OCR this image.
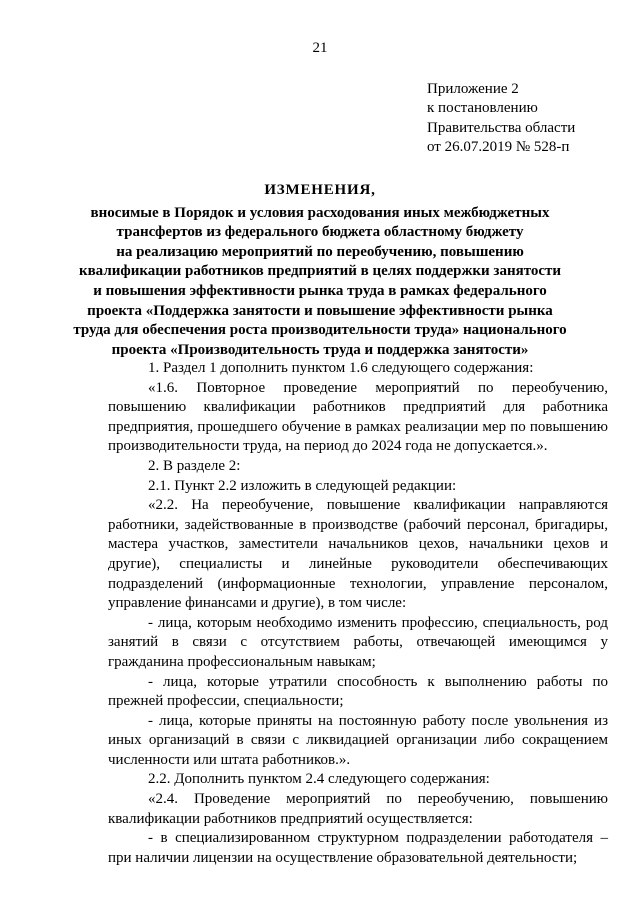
21
Приложение 2
к постановлению
Правительства области
от 26.07.2019 № 528-п
ИЗМЕНЕНИЯ,
вносимые в Порядок и условия расходования иных межбюджетных
трансфертов из федерального бюджета областному бюджету
на реализацию мероприятий по переобучению, повышению
квалификации работников предприятий в целях поддержки занятости
и повышения эффективности рынка труда в рамках федерального
проекта «Поддержка занятости и повышение эффективности рынка
труда для обеспечения роста производительности труда» национального
проекта «Производительность труда и поддержка занятости»

1. Раздел 1 дополнить пунктом 1.6 следующего содержания:

«1.6. Повторное проведение мероприятий по переобучению, повышению квалификации работников предприятий для работника предприятия, прошедшего обучение в рамках реализации мер по повышению производительности труда, на период до 2024 года не допускается.».

2. В разделе 2:

2.1. Пункт 2.2 изложить в следующей редакции:

«2.2. На переобучение, повышение квалификации направляются работники, задействованные в производстве (рабочий персонал, бригадиры, мастера участков, заместители начальников цехов, начальники цехов и другие), специалисты и линейные руководители обеспечивающих подразделений (информационные технологии, управление персоналом, управление финансами и другие), в том числе:

- лица, которым необходимо изменить профессию, специальность, род занятий в связи с отсутствием работы, отвечающей имеющимся у гражданина профессиональным навыкам;

- лица, которые утратили способность к выполнению работы по прежней профессии, специальности;

- лица, которые приняты на постоянную работу после увольнения из иных организаций в связи с ликвидацией организации либо сокращением численности или штата работников.».

2.2. Дополнить пунктом 2.4 следующего содержания:

«2.4. Проведение мероприятий по переобучению, повышению квалификации работников предприятий осуществляется:

- в специализированном структурном подразделении работодателя – при наличии лицензии на осуществление образовательной деятельности;
